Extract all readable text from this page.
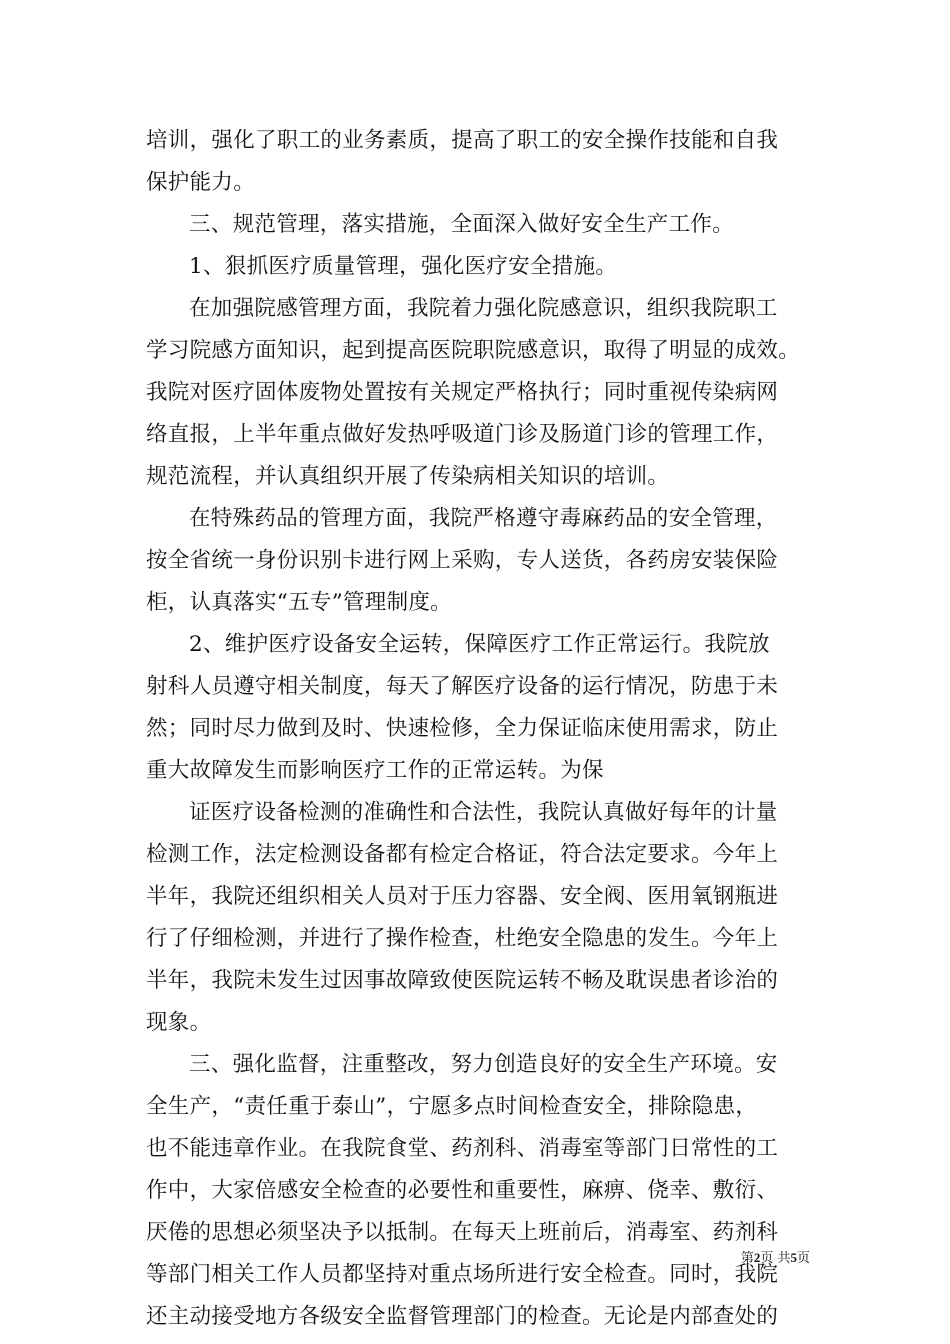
培训，强化了职工的业务素质，提高了职工的安全操作技能和自我
保护能力。
三、规范管理，落实措施，全面深入做好安全生产工作。
1、狠抓医疗质量管理，强化医疗安全措施。
在加强院感管理方面，我院着力强化院感意识，组织我院职工
学习院感方面知识，起到提高医院职院感意识，取得了明显的成效。
我院对医疗固体废物处置按有关规定严格执行；同时重视传染病网
络直报，上半年重点做好发热呼吸道门诊及肠道门诊的管理工作，
规范流程，并认真组织开展了传染病相关知识的培训。
在特殊药品的管理方面，我院严格遵守毒麻药品的安全管理，
按全省统一身份识别卡进行网上采购，专人送货，各药房安装保险
柜，认真落实“五专”管理制度。
2、维护医疗设备安全运转，保障医疗工作正常运行。我院放
射科人员遵守相关制度，每天了解医疗设备的运行情况，防患于未
然；同时尽力做到及时、快速检修，全力保证临床使用需求，防止
重大故障发生而影响医疗工作的正常运转。为保
证医疗设备检测的准确性和合法性，我院认真做好每年的计量
检测工作，法定检测设备都有检定合格证，符合法定要求。今年上
半年，我院还组织相关人员对于压力容器、安全阀、医用氧钢瓶进
行了仔细检测，并进行了操作检查，杜绝安全隐患的发生。今年上
半年，我院未发生过因事故障致使医院运转不畅及耽误患者诊治的
现象。
三、强化监督，注重整改，努力创造良好的安全生产环境。安
全生产，“责任重于泰山”，宁愿多点时间检查安全，排除隐患，
也不能违章作业。在我院食堂、药剂科、消毒室等部门日常性的工
作中，大家倍感安全检查的必要性和重要性，麻痹、侥幸、敷衍、
厌倦的思想必须坚决予以抵制。在每天上班前后，消毒室、药剂科
等部门相关工作人员都坚持对重点场所进行安全检查。同时，我院
还主动接受地方各级安全监督管理部门的检查。无论是内部查处的
第2页 共5页
